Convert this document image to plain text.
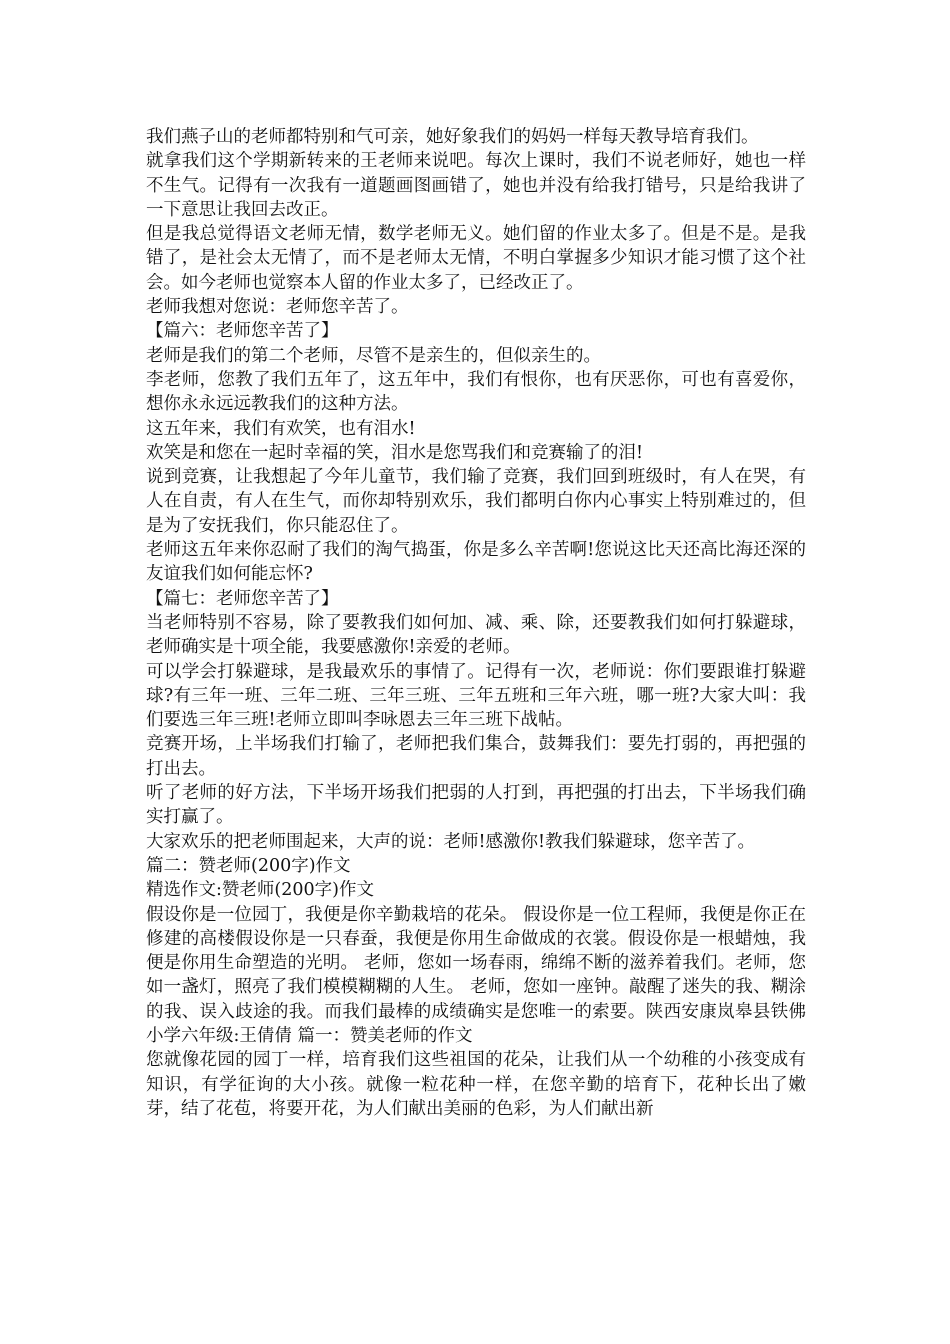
我们燕子山的老师都特别和气可亲，她好象我们的妈妈一样每天教导培育我们。

就拿我们这个学期新转来的王老师来说吧。每次上课时，我们不说老师好，她也一样不生气。记得有一次我有一道题画图画错了，她也并没有给我打错号，只是给我讲了一下意思让我回去改正。

但是我总觉得语文老师无情，数学老师无义。她们留的作业太多了。但是不是。是我错了，是社会太无情了，而不是老师太无情，不明白掌握多少知识才能习惯了这个社会。如今老师也觉察本人留的作业太多了，已经改正了。

老师我想对您说：老师您辛苦了。

【篇六：老师您辛苦了】

老师是我们的第二个老师，尽管不是亲生的，但似亲生的。

李老师，您教了我们五年了，这五年中，我们有恨你，也有厌恶你，可也有喜爱你，想你永永远远教我们的这种方法。

这五年来，我们有欢笑，也有泪水!

欢笑是和您在一起时幸福的笑，泪水是您骂我们和竞赛输了的泪!

说到竞赛，让我想起了今年儿童节，我们输了竞赛，我们回到班级时，有人在哭，有人在自责，有人在生气，而你却特别欢乐，我们都明白你内心事实上特别难过的，但是为了安抚我们，你只能忍住了。

老师这五年来你忍耐了我们的淘气捣蛋，你是多么辛苦啊!您说这比天还高比海还深的友谊我们如何能忘怀?

【篇七：老师您辛苦了】

当老师特别不容易，除了要教我们如何加、减、乘、除，还要教我们如何打躲避球，老师确实是十项全能，我要感激你!亲爱的老师。

可以学会打躲避球，是我最欢乐的事情了。记得有一次，老师说：你们要跟谁打躲避球?有三年一班、三年二班、三年三班、三年五班和三年六班，哪一班?大家大叫：我们要选三年三班!老师立即叫李咏恩去三年三班下战帖。

竞赛开场，上半场我们打输了，老师把我们集合，鼓舞我们：要先打弱的，再把强的打出去。

听了老师的好方法，下半场开场我们把弱的人打到，再把强的打出去，下半场我们确实打赢了。

大家欢乐的把老师围起来，大声的说：老师!感激你!教我们躲避球，您辛苦了。

篇二：赞老师(200字)作文

精选作文:赞老师(200字)作文

假设你是一位园丁，我便是你辛勤栽培的花朵。 假设你是一位工程师，我便是你正在修建的高楼假设你是一只春蚕，我便是你用生命做成的衣裳。假设你是一根蜡烛，我便是你用生命塑造的光明。 老师，您如一场春雨，绵绵不断的滋养着我们。老师，您如一盏灯，照亮了我们模模糊糊的人生。 老师，您如一座钟。敲醒了迷失的我、糊涂的我、误入歧途的我。而我们最棒的成绩确实是您唯一的索要。陕西安康岚皋县铁佛小学六年级:王倩倩 篇一：赞美老师的作文

您就像花园的园丁一样，培育我们这些祖国的花朵，让我们从一个幼稚的小孩变成有知识，有学征询的大小孩。就像一粒花种一样，在您辛勤的培育下，花种长出了嫩芽，结了花苞，将要开花，为人们献出美丽的色彩，为人们献出新
